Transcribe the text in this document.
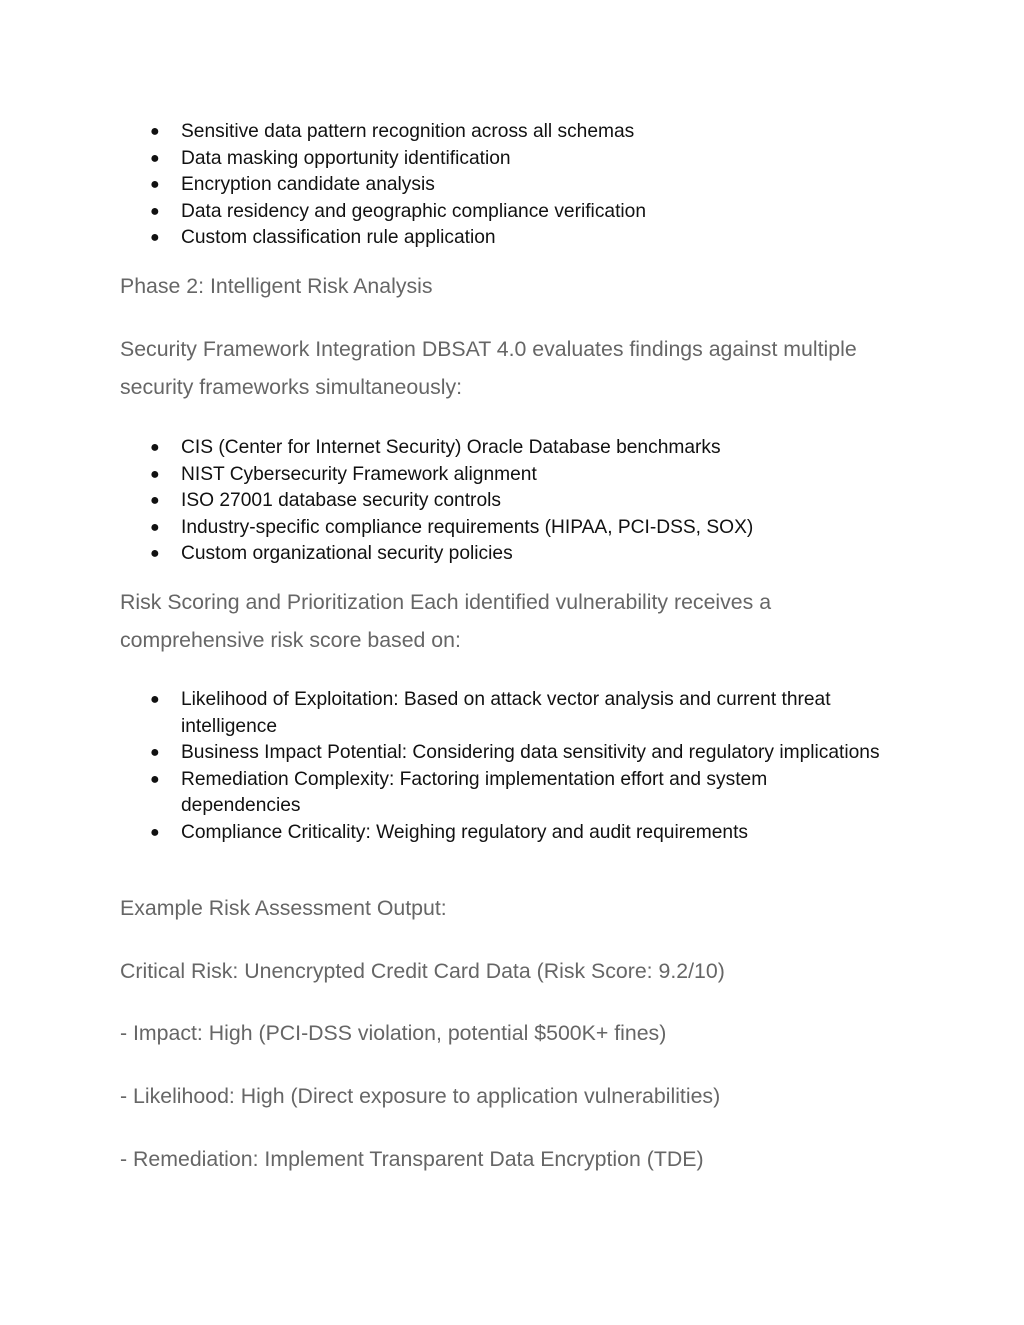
● Sensitive data pattern recognition across all schemas
● Data masking opportunity identification
● Encryption candidate analysis
● Data residency and geographic compliance verification
● Custom classification rule application

Phase 2: Intelligent Risk Analysis

Security Framework Integration DBSAT 4.0 evaluates findings against multiple security frameworks simultaneously:

● CIS (Center for Internet Security) Oracle Database benchmarks
● NIST Cybersecurity Framework alignment
● ISO 27001 database security controls
● Industry-specific compliance requirements (HIPAA, PCI-DSS, SOX)
● Custom organizational security policies

Risk Scoring and Prioritization Each identified vulnerability receives a comprehensive risk score based on:

● Likelihood of Exploitation: Based on attack vector analysis and current threat intelligence
● Business Impact Potential: Considering data sensitivity and regulatory implications
● Remediation Complexity: Factoring implementation effort and system dependencies
● Compliance Criticality: Weighing regulatory and audit requirements

Example Risk Assessment Output:

Critical Risk: Unencrypted Credit Card Data (Risk Score: 9.2/10)

- Impact: High (PCI-DSS violation, potential $500K+ fines)

- Likelihood: High (Direct exposure to application vulnerabilities)

- Remediation: Implement Transparent Data Encryption (TDE)
